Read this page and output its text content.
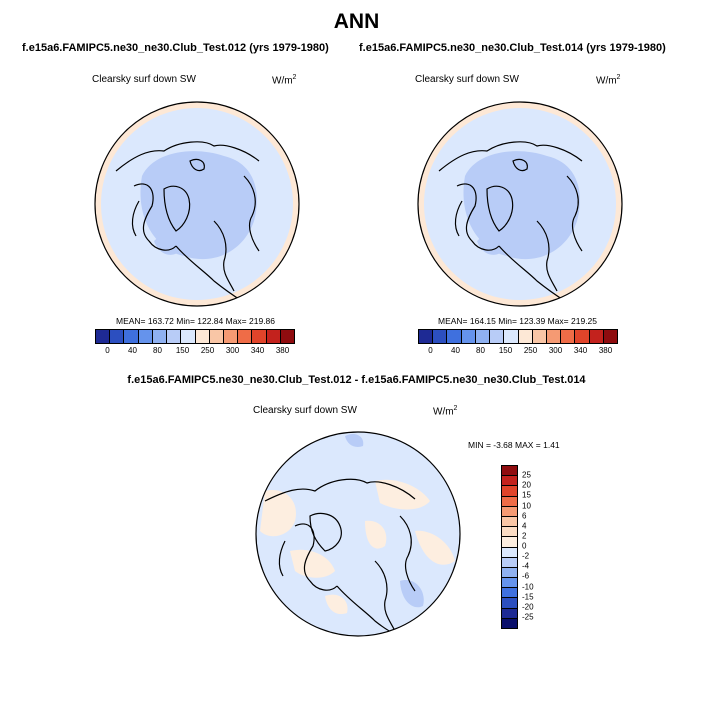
ANN
f.e15a6.FAMIPC5.ne30_ne30.Club_Test.012 (yrs 1979-1980)
Clearsky surf down SW	$W/m^2$
MEAN= 163.72 Min= 122.84 Max= 219.86
0 40 80 150 250 300 340 380
f.e15a6.FAMIPC5.ne30_ne30.Club_Test.014 (yrs 1979-1980)
Clearsky surf down SW	$W/m^2$
MEAN= 164.15 Min= 123.39 Max= 219.25
0 40 80 150 250 300 340 380
f.e15a6.FAMIPC5.ne30_ne30.Club_Test.012 - f.e15a6.FAMIPC5.ne30_ne30.Club_Test.014
Clearsky surf down SW	$W/m^2$
MIN = -3.68 MAX = 1.41
25
20
15
10
6
4
2
0
-2
-4
-6
-10
-15
-20
-25
